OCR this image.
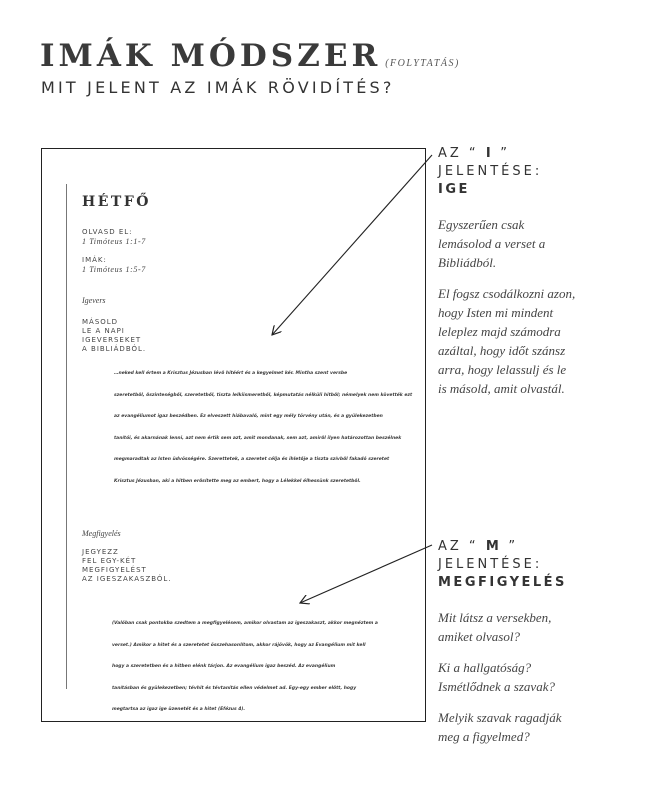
IMÁK MÓDSZER (FOLYTATÁS)
MIT JELENT AZ IMÁK RÖVIDÍTÉS?
HÉTFŐ
OLVASD EL:
1 Timóteus 1:1-7
IMÁK:
1 Timóteus 1:5-7
Igevers
MÁSOLD
LE A NAPI
IGEVERSEKET
A BIBLIÁDBÓL.
…neked kell értem a Krisztus Jézusban lévő hitéért és a kegyelmet kér. Mintha szent versbe
szeretetből, őszinteségből, szeretetből, tiszta lelkiismeretből, képmutatás nélküli hitből; némelyek nem követték ezt
az evangéliumot igaz beszédben. Ez elveszett hiábavaló, mint egy mély törvény után, és a gyülekezetben
tanítói, és akarnának lenni, azt nem értik sem azt, amit mondanak, sem azt, amiről ilyen határozottan beszélnek
megmaradtak az Isten üdvösségére. Szerettetek, a szeretet célja és ihletője a tiszta szívből fakadó szeretet
Krisztus Jézusban, aki a hitben erősítette meg az embert, hogy a Lélekkel élhessünk szeretetből.
Megfigyelés
JEGYEZZ
FEL EGY-KÉT
MEGFIGYELÉST
AZ IGESZAKASZBÓL.
(Valóban csak pontokba szedtem a megfigyelésem, amikor olvastam az igeszakaszt, akkor megnéztem a
verset.) Amikor a hitet és a szeretetet összehasonlítom, akkor rájövök, hogy az Evangélium mit kell
hogy a szeretetben és a hitben elénk tárjon. Az evangélium igaz beszéd. Az evangélium
tanításban és gyülekezetben; tévhit és tévtanítás ellen védelmet ad. Egy-egy ember előtt, hogy
megtartsa az igaz ige üzenetét és a hitet (Efézus 4).
AZ “ I ”
JELENTÉSE:
IGE
Egyszerűen csak lemásolod a verset a Bibliádból.
El fogsz csodálkozni azon, hogy Isten mi mindent leleplez majd számodra azáltal, hogy időt szánsz arra, hogy lelassulj és le is másold, amit olvastál.
AZ “ M ”
JELENTÉSE:
MEGFIGYELÉS
Mit látsz a versekben, amiket olvasol?
Ki a hallgatóság? Ismétlődnek a szavak?
Melyik szavak ragadják meg a figyelmed?
